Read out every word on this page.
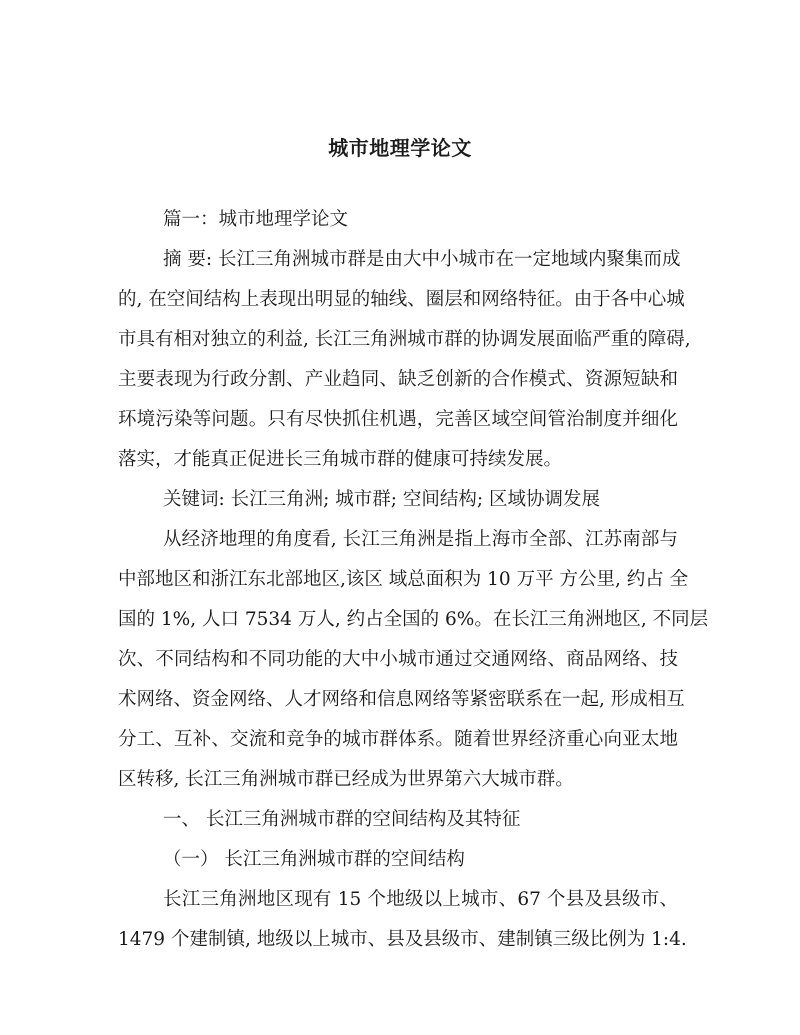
城市地理学论文
篇一：城市地理学论文
摘 要: 长江三角洲城市群是由大中小城市在一定地域内聚集而成
的, 在空间结构上表现出明显的轴线、圈层和网络特征。由于各中心城
市具有相对独立的利益, 长江三角洲城市群的协调发展面临严重的障碍,
主要表现为行政分割、产业趋同、缺乏创新的合作模式、资源短缺和
环境污染等问题。只有尽快抓住机遇，完善区域空间管治制度并细化
落实，才能真正促进长三角城市群的健康可持续发展。
关键词: 长江三角洲; 城市群; 空间结构; 区域协调发展
从经济地理的角度看, 长江三角洲是指上海市全部、江苏南部与
中部地区和浙江东北部地区,该区 域总面积为 10 万平 方公里, 约占 全
国的 1%, 人口 7534 万人, 约占全国的 6%。在长江三角洲地区, 不同层
次、不同结构和不同功能的大中小城市通过交通网络、商品网络、技
术网络、资金网络、人才网络和信息网络等紧密联系在一起, 形成相互
分工、互补、交流和竞争的城市群体系。随着世界经济重心向亚太地
区转移, 长江三角洲城市群已经成为世界第六大城市群。
一、 长江三角洲城市群的空间结构及其特征
（一） 长江三角洲城市群的空间结构
长江三角洲地区现有 15 个地级以上城市、67 个县及县级市、
1479 个建制镇, 地级以上城市、县及县级市、建制镇三级比例为 1:4.
